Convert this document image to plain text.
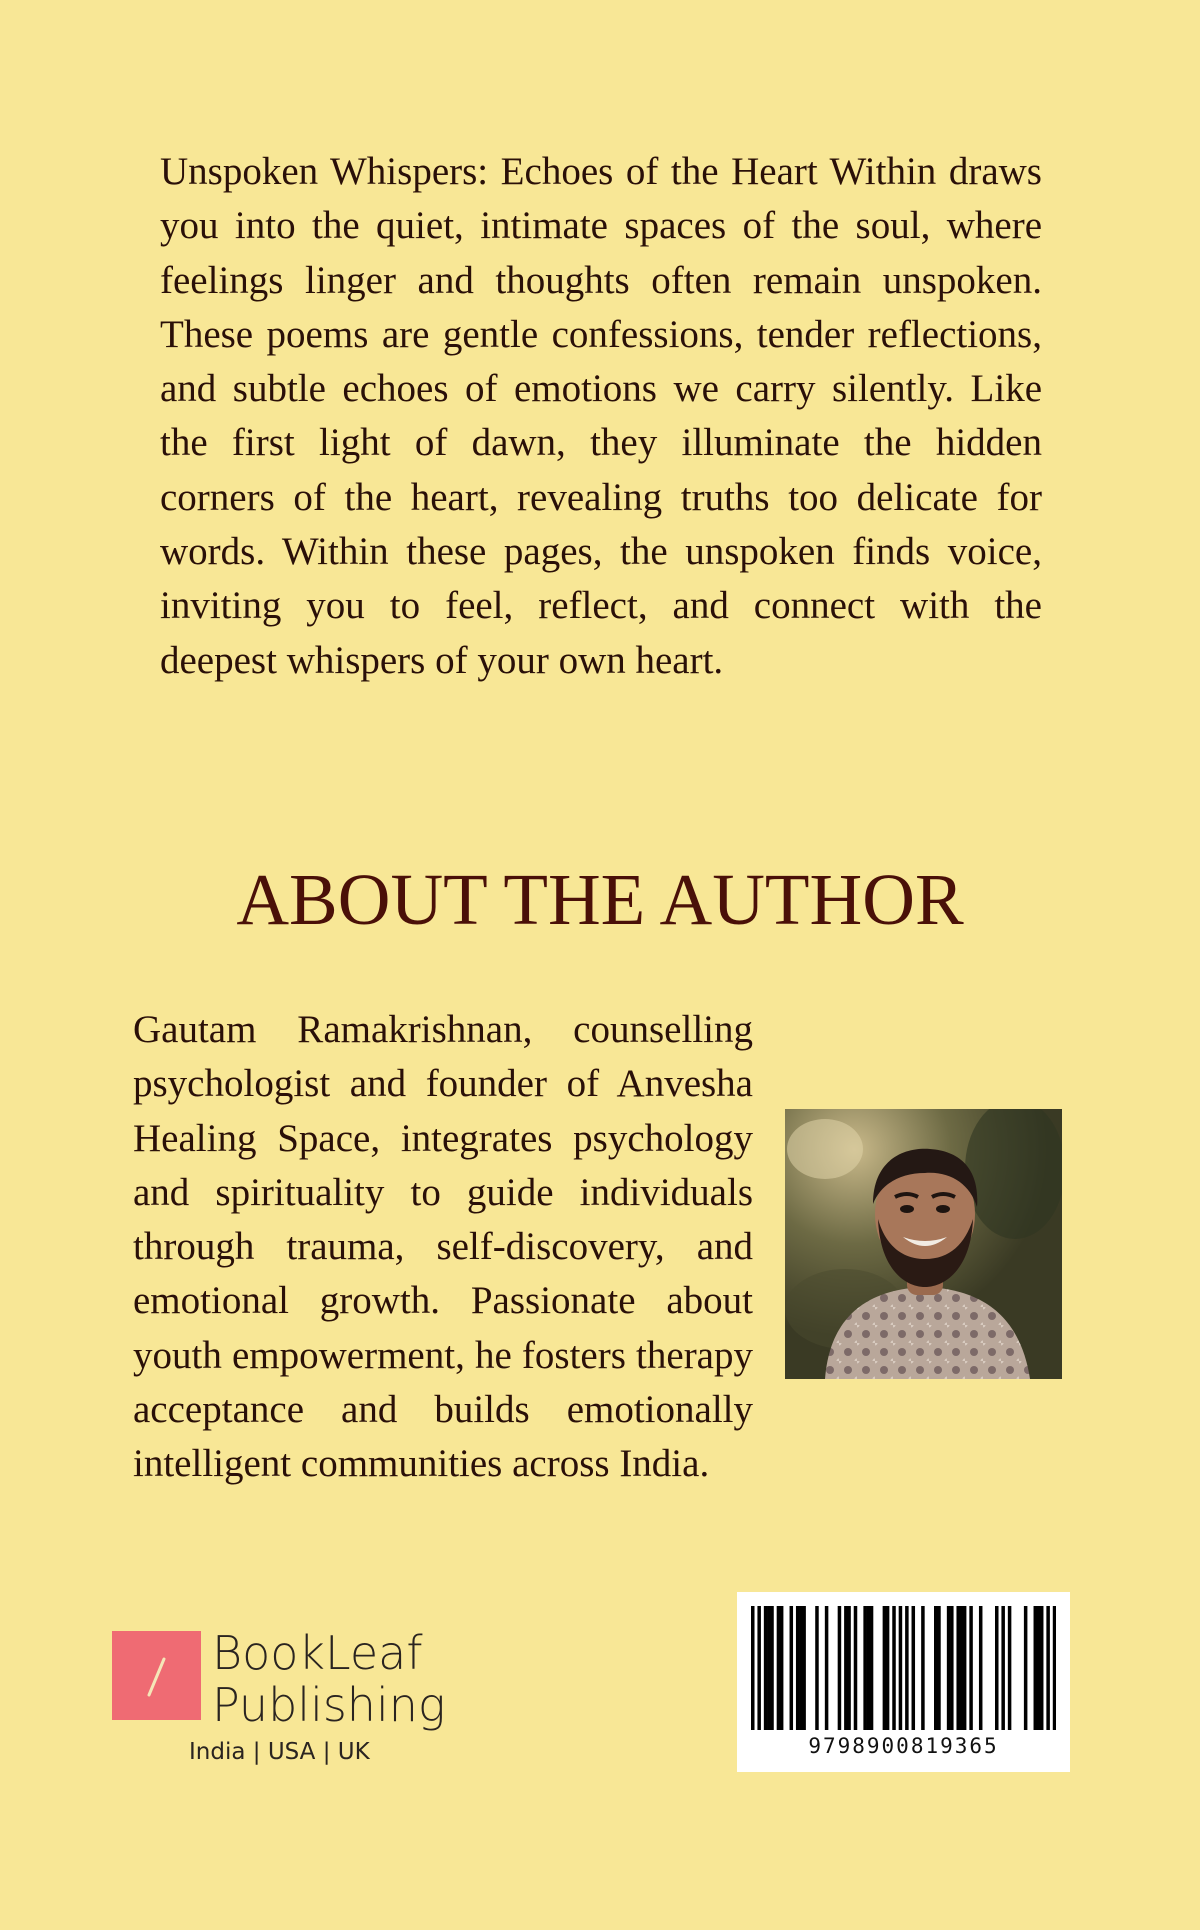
Unspoken Whispers: Echoes of the Heart Within draws you into the quiet, intimate spaces of the soul, where feelings linger and thoughts often remain unspoken. These poems are gentle confessions, tender reflections, and subtle echoes of emotions we carry silently. Like the first light of dawn, they illuminate the hidden corners of the heart, revealing truths too delicate for words. Within these pages, the unspoken finds voice, inviting you to feel, reflect, and connect with the deepest whispers of your own heart.
ABOUT THE AUTHOR
Gautam Ramakrishnan, counselling psychologist and founder of Anvesha Healing Space, integrates psychology and spirituality to guide individuals through trauma, self-discovery, and emotional growth. Passionate about youth empowerment, he fosters therapy acceptance and builds emotionally intelligent communities across India.
BookLeaf
Publishing
India | USA | UK	9798900819365
